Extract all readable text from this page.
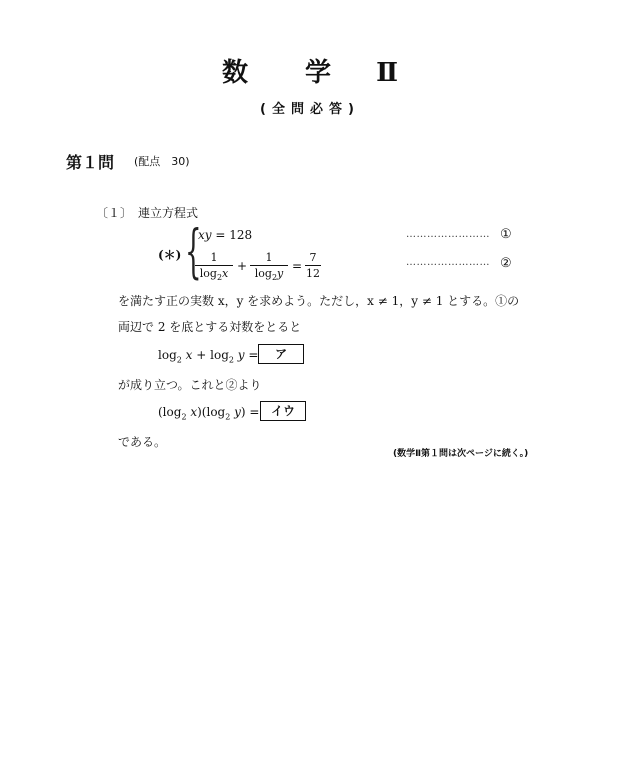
数 学 Ⅱ
(全問必答)
第１問 (配点　30)
〔１〕　連立方程式
(＊) {
xy = 128
1
$\log_2x$
+
1
$\log_2y$
=
7
12
…………………… ①
…………………… ②
を満たす正の実数 x，y を求めよう。ただし，x ≠ 1，y ≠ 1 とする。①の
両辺で 2 を底とする対数をとると
$\log_2 x + \log_2 y$ =	ア
が成り立つ。これと②より
($\log_2$ $x)(\log_2$ y) = イウ
である。
(数学Ⅱ第１問は次ページに続く。)
